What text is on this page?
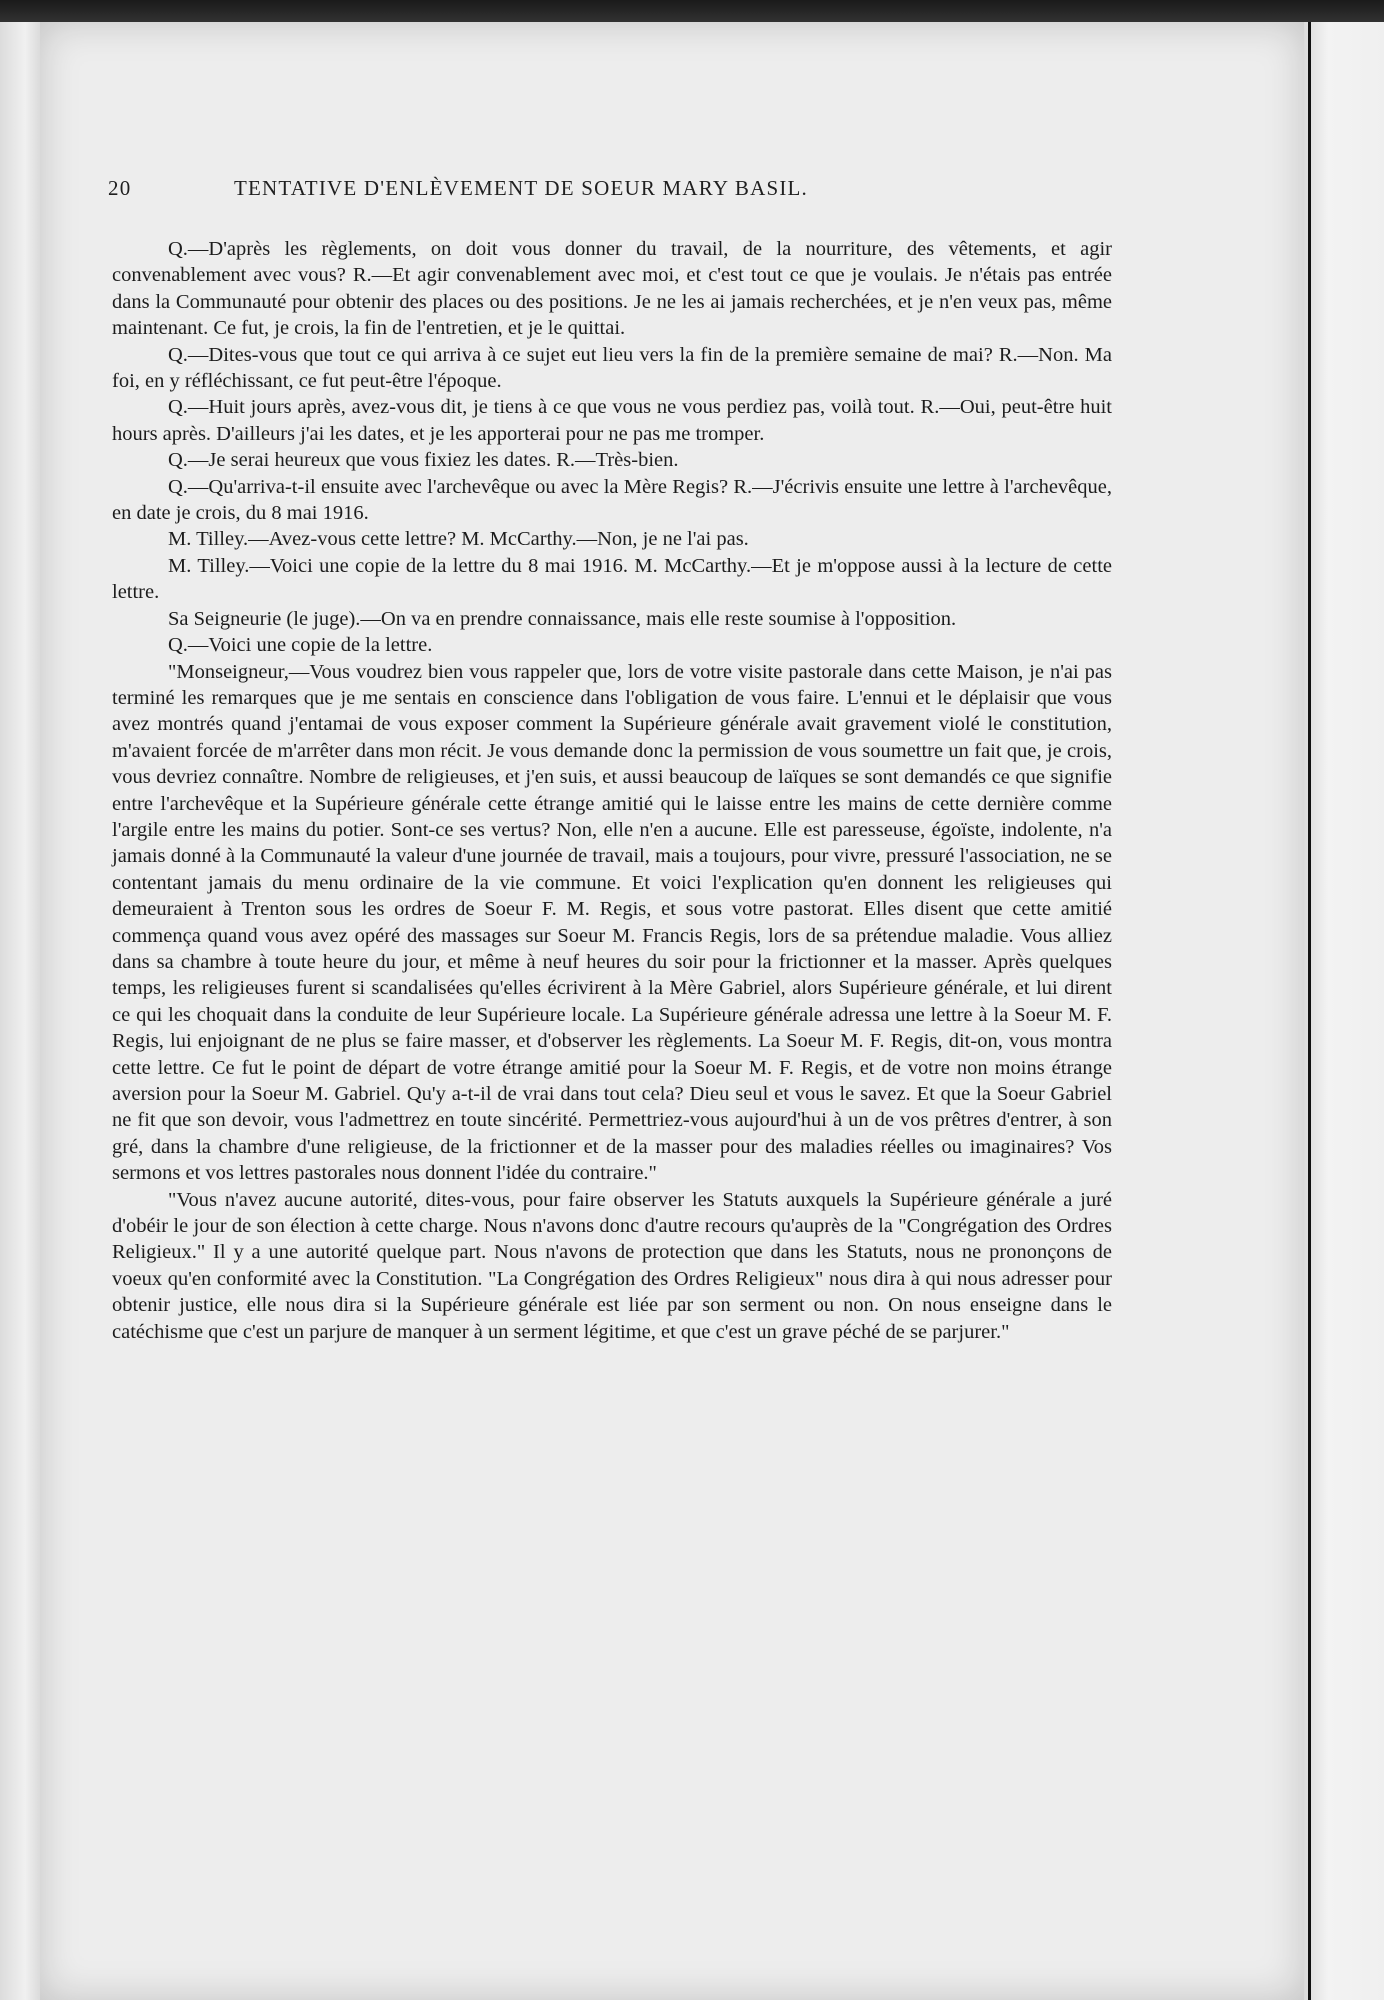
20	TENTATIVE D'ENLÈVEMENT DE SOEUR MARY BASIL.

Q.—D'après les règlements, on doit vous donner du travail, de la nourriture, des vêtements, et agir convenablement avec vous? R.—Et agir convenablement avec moi, et c'est tout ce que je voulais. Je n'étais pas entrée dans la Communauté pour obtenir des places ou des positions. Je ne les ai jamais recherchées, et je n'en veux pas, même maintenant. Ce fut, je crois, la fin de l'entretien, et je le quittai.

Q.—Dites-vous que tout ce qui arriva à ce sujet eut lieu vers la fin de la première semaine de mai? R.—Non. Ma foi, en y réfléchissant, ce fut peut-être l'époque.

Q.—Huit jours après, avez-vous dit, je tiens à ce que vous ne vous perdiez pas, voilà tout. R.—Oui, peut-être huit hours après. D'ailleurs j'ai les dates, et je les apporterai pour ne pas me tromper.

Q.—Je serai heureux que vous fixiez les dates. R.—Très-bien.

Q.—Qu'arriva-t-il ensuite avec l'archevêque ou avec la Mère Regis? R.—J'écrivis ensuite une lettre à l'archevêque, en date je crois, du 8 mai 1916.

M. Tilley.—Avez-vous cette lettre? M. McCarthy.—Non, je ne l'ai pas.

M. Tilley.—Voici une copie de la lettre du 8 mai 1916. M. McCarthy.—Et je m'oppose aussi à la lecture de cette lettre.

Sa Seigneurie (le juge).—On va en prendre connaissance, mais elle reste soumise à l'opposition.

Q.—Voici une copie de la lettre.

"Monseigneur,—Vous voudrez bien vous rappeler que, lors de votre visite pastorale dans cette Maison, je n'ai pas terminé les remarques que je me sentais en conscience dans l'obligation de vous faire. L'ennui et le déplaisir que vous avez montrés quand j'entamai de vous exposer comment la Supérieure générale avait gravement violé le constitution, m'avaient forcée de m'arrêter dans mon récit. Je vous demande donc la permission de vous soumettre un fait que, je crois, vous devriez connaître. Nombre de religieuses, et j'en suis, et aussi beaucoup de laïques se sont demandés ce que signifie entre l'archevêque et la Supérieure générale cette étrange amitié qui le laisse entre les mains de cette dernière comme l'argile entre les mains du potier. Sont-ce ses vertus? Non, elle n'en a aucune. Elle est paresseuse, égoïste, indolente, n'a jamais donné à la Communauté la valeur d'une journée de travail, mais a toujours, pour vivre, pressuré l'association, ne se contentant jamais du menu ordinaire de la vie commune. Et voici l'explication qu'en donnent les religieuses qui demeuraient à Trenton sous les ordres de Soeur F. M. Regis, et sous votre pastorat. Elles disent que cette amitié commença quand vous avez opéré des massages sur Soeur M. Francis Regis, lors de sa prétendue maladie. Vous alliez dans sa chambre à toute heure du jour, et même à neuf heures du soir pour la frictionner et la masser. Après quelques temps, les religieuses furent si scandalisées qu'elles écrivirent à la Mère Gabriel, alors Supérieure générale, et lui dirent ce qui les choquait dans la conduite de leur Supérieure locale. La Supérieure générale adressa une lettre à la Soeur M. F. Regis, lui enjoignant de ne plus se faire masser, et d'observer les règlements. La Soeur M. F. Regis, dit-on, vous montra cette lettre. Ce fut le point de départ de votre étrange amitié pour la Soeur M. F. Regis, et de votre non moins étrange aversion pour la Soeur M. Gabriel. Qu'y a-t-il de vrai dans tout cela? Dieu seul et vous le savez. Et que la Soeur Gabriel ne fit que son devoir, vous l'admettrez en toute sincérité. Permettriez-vous aujourd'hui à un de vos prêtres d'entrer, à son gré, dans la chambre d'une religieuse, de la frictionner et de la masser pour des maladies réelles ou imaginaires? Vos sermons et vos lettres pastorales nous donnent l'idée du contraire."

"Vous n'avez aucune autorité, dites-vous, pour faire observer les Statuts auxquels la Supérieure générale a juré d'obéir le jour de son élection à cette charge. Nous n'avons donc d'autre recours qu'auprès de la "Congrégation des Ordres Religieux." Il y a une autorité quelque part. Nous n'avons de protection que dans les Statuts, nous ne prononçons de voeux qu'en conformité avec la Constitution. "La Congrégation des Ordres Religieux" nous dira à qui nous adresser pour obtenir justice, elle nous dira si la Supérieure générale est liée par son serment ou non. On nous enseigne dans le catéchisme que c'est un parjure de manquer à un serment légitime, et que c'est un grave péché de se parjurer."
